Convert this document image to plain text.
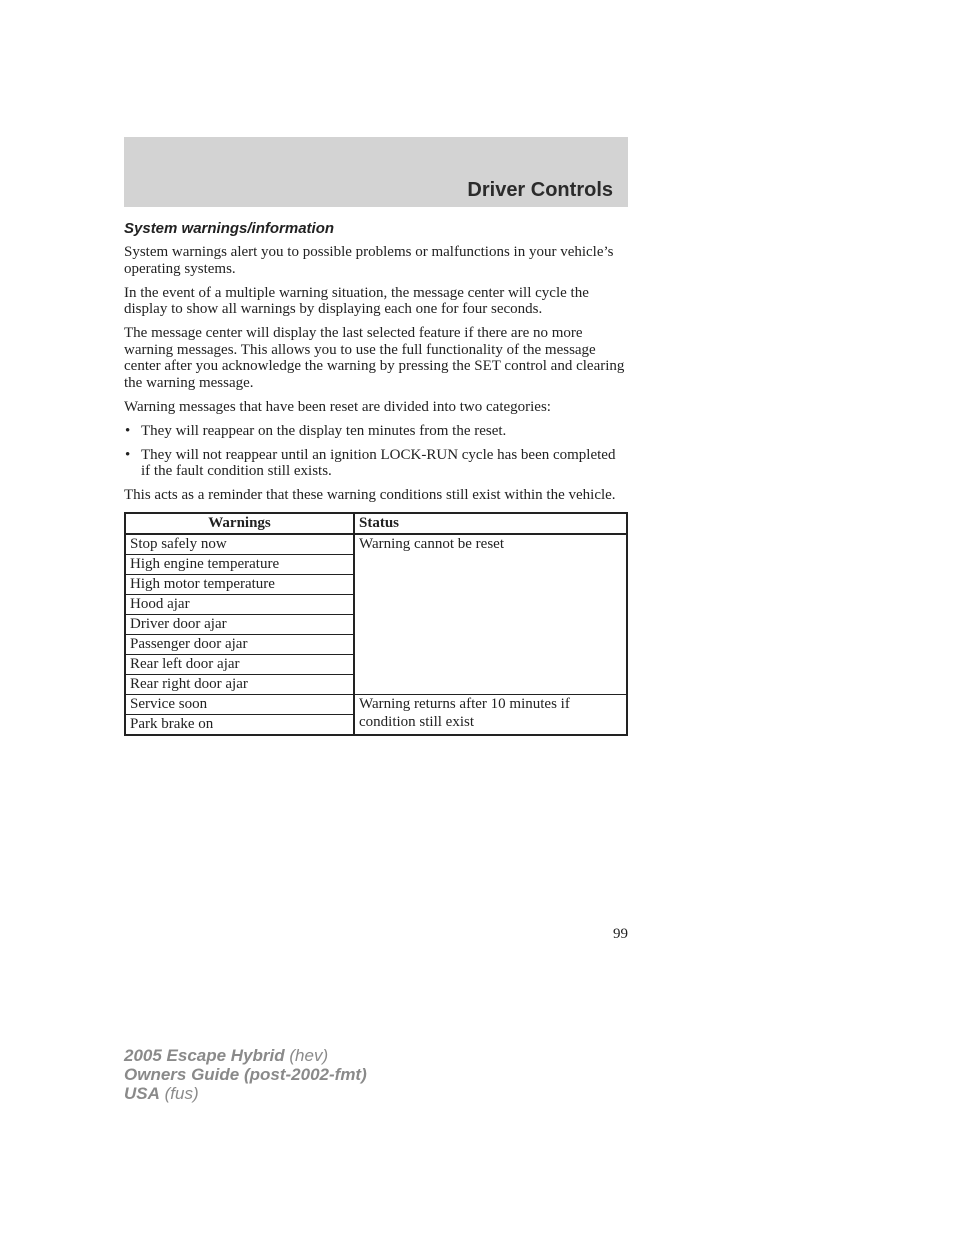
Driver Controls
System warnings/information

System warnings alert you to possible problems or malfunctions in your vehicle’s operating systems.

In the event of a multiple warning situation, the message center will cycle the display to show all warnings by displaying each one for four seconds.

The message center will display the last selected feature if there are no more warning messages. This allows you to use the full functionality of the message center after you acknowledge the warning by pressing the SET control and clearing the warning message.

Warning messages that have been reset are divided into two categories:

• They will reappear on the display ten minutes from the reset.
• They will not reappear until an ignition LOCK-RUN cycle has been completed if the fault condition still exists.

This acts as a reminder that these warning conditions still exist within the vehicle.

Warnings	Status
Stop safely now	Warning cannot be reset
High engine temperature	
High motor temperature	
Hood ajar	
Driver door ajar	
Passenger door ajar	
Rear left door ajar	
Rear right door ajar	
Service soon	Warning returns after 10 minutes if condition still exist
Park brake on	
99
2005 Escape Hybrid (hev)
Owners Guide (post-2002-fmt)
USA (fus)
